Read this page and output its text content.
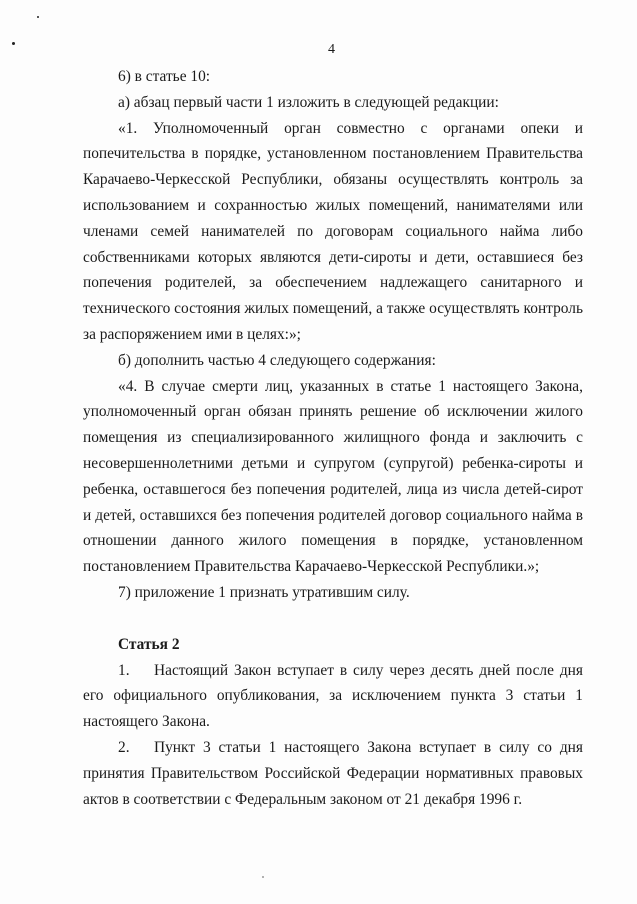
4

6) в статье 10:

а) абзац первый части 1 изложить в следующей редакции:

«1. Уполномоченный орган совместно с органами опеки и попечительства в порядке, установленном постановлением Правительства Карачаево-Черкесской Республики, обязаны осуществлять контроль за использованием и сохранностью жилых помещений, нанимателями или членами семей нанимателей по договорам социального найма либо собственниками которых являются дети-сироты и дети, оставшиеся без попечения родителей, за обеспечением надлежащего санитарного и технического состояния жилых помещений, а также осуществлять контроль за распоряжением ими в целях:»;

б) дополнить частью 4 следующего содержания:

«4. В случае смерти лиц, указанных в статье 1 настоящего Закона, уполномоченный орган обязан принять решение об исключении жилого помещения из специализированного жилищного фонда и заключить с несовершеннолетними детьми и супругом (супругой) ребенка-сироты и ребенка, оставшегося без попечения родителей, лица из числа детей-сирот и детей, оставшихся без попечения родителей договор социального найма в отношении данного жилого помещения в порядке, установленном постановлением Правительства Карачаево-Черкесской Республики.»;

7) приложение 1 признать утратившим силу.

Статья 2

1. Настоящий Закон вступает в силу через десять дней после дня его официального опубликования, за исключением пункта 3 статьи 1 настоящего Закона.

2. Пункт 3 статьи 1 настоящего Закона вступает в силу со дня принятия Правительством Российской Федерации нормативных правовых актов в соответствии с Федеральным законом от 21 декабря 1996 г.
